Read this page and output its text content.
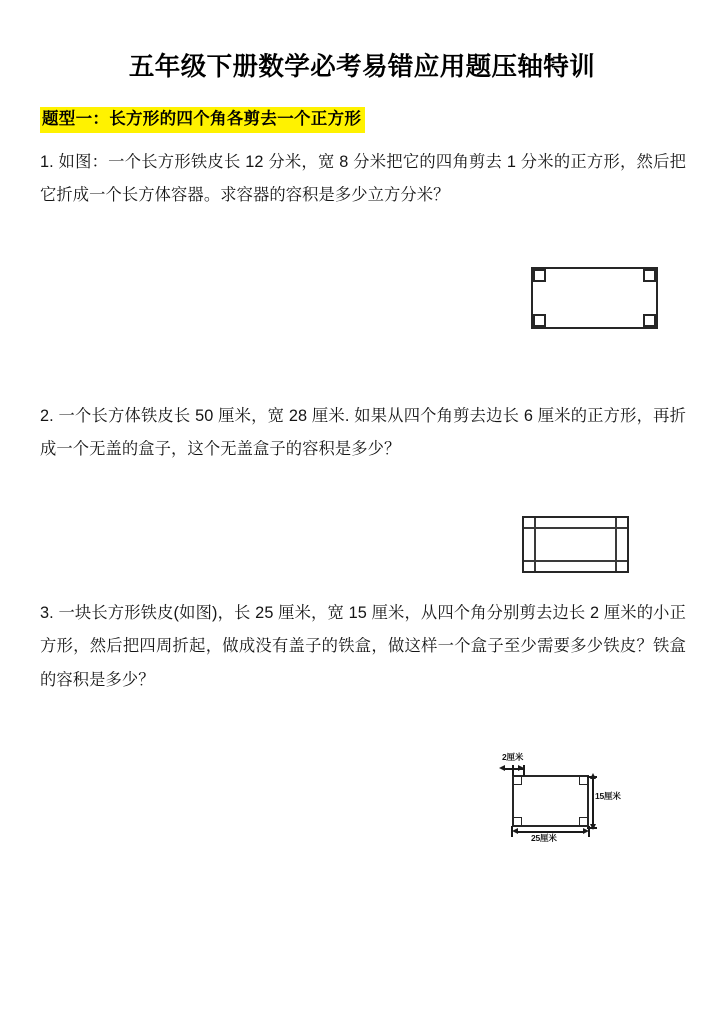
五年级下册数学必考易错应用题压轴特训
题型一：长方形的四个角各剪去一个正方形
1. 如图：一个长方形铁皮长 12 分米，宽 8 分米把它的四角剪去 1 分米的正方形，然后把它折成一个长方体容器。求容器的容积是多少立方分米？
2. 一个长方体铁皮长 50 厘米，宽 28 厘米. 如果从四个角剪去边长 6 厘米的正方形，再折成一个无盖的盒子，这个无盖盒子的容积是多少？
3. 一块长方形铁皮(如图)，长 25 厘米，宽 15 厘米，从四个角分别剪去边长 2 厘米的小正方形，然后把四周折起，做成没有盖子的铁盒，做这样一个盒子至少需要多少铁皮？铁盒的容积是多少？
2厘米
15厘米
25厘米
